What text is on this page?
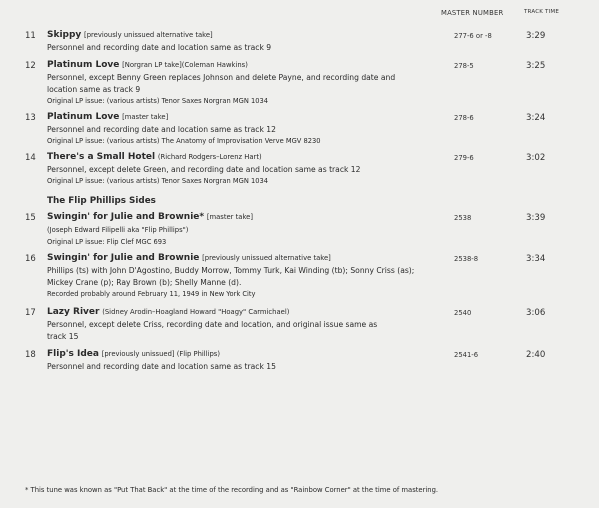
MASTER NUMBER	TRACK TIME
11 Skippy [previously unissued alternative take]	277-6 or -8	3:29
Personnel and recording date and location same as track 9
12 Platinum Love [Norgran LP take](Coleman Hawkins)	278-5	3:25
Personnel, except Benny Green replaces Johnson and delete Payne, and recording date and
location same as track 9
Original LP issue: (various artists) Tenor Saxes Norgran MGN 1034
13 Platinum Love [master take]	278-6	3:24
Personnel and recording date and location same as track 12
Original LP issue: (various artists) The Anatomy of Improvisation Verve MGV 8230
14 There's a Small Hotel (Richard Rodgers–Lorenz Hart)	279-6	3:02
Personnel, except delete Green, and recording date and location same as track 12
Original LP issue: (various artists) Tenor Saxes Norgran MGN 1034
The Flip Phillips Sides
15 Swingin' for Julie and Brownie* [master take]	2538	3:39
(Joseph Edward Filipelli aka "Flip Phillips")
Original LP issue: Flip Clef MGC 693
16 Swingin' for Julie and Brownie [previously unissued alternative take]	2538-8	3:34
Phillips (ts) with John D'Agostino, Buddy Morrow, Tommy Turk, Kai Winding (tb); Sonny Criss (as);
Mickey Crane (p); Ray Brown (b); Shelly Manne (d).
Recorded probably around February 11, 1949 in New York City
17 Lazy River (Sidney Arodin–Hoagland Howard "Hoagy" Carmichael)	2540	3:06
Personnel, except delete Criss, recording date and location, and original issue same as
track 15
18 Flip's Idea [previously unissued] (Flip Phillips)	2541-6	2:40
Personnel and recording date and location same as track 15
* This tune was known as "Put That Back" at the time of the recording and as "Rainbow Corner" at the time of mastering.
